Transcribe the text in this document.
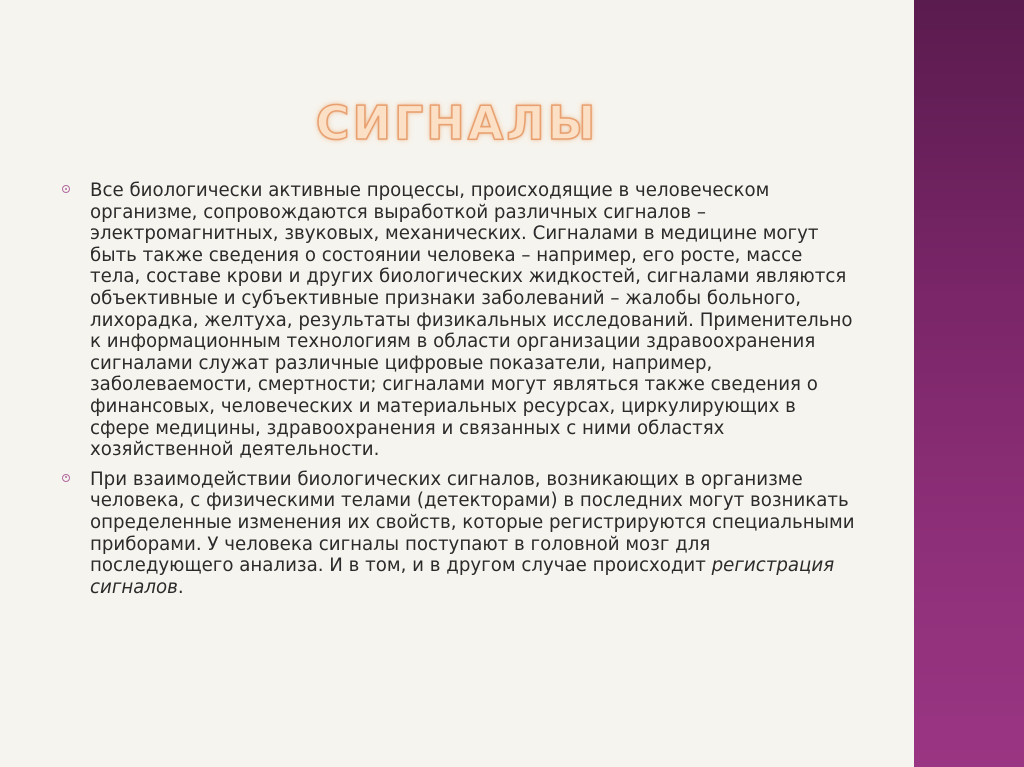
СИГНАЛЫ
Все биологически активные процессы, происходящие в человеческом организме, сопровождаются выработкой различных сигналов – электромагнитных, звуковых, механических. Сигналами в медицине могут быть также сведения о состоянии человека – например, его росте, массе тела, составе крови и других биологических жидкостей, сигналами являются объективные и субъективные признаки заболеваний – жалобы больного, лихорадка, желтуха, результаты физикальных исследований. Применительно к информационным технологиям в области организации здравоохранения сигналами служат различные цифровые показатели, например, заболеваемости, смертности; сигналами могут являться также сведения о финансовых, человеческих и материальных ресурсах, циркулирующих в сфере медицины, здравоохранения и связанных с ними областях хозяйственной деятельности.
При взаимодействии биологических сигналов, возникающих в организме человека, с физическими телами (детекторами) в последних могут возникать определенные изменения их свойств, которые регистрируются специальными приборами. У человека сигналы поступают в головной мозг для последующего анализа. И в том, и в другом случае происходит регистрация сигналов.
